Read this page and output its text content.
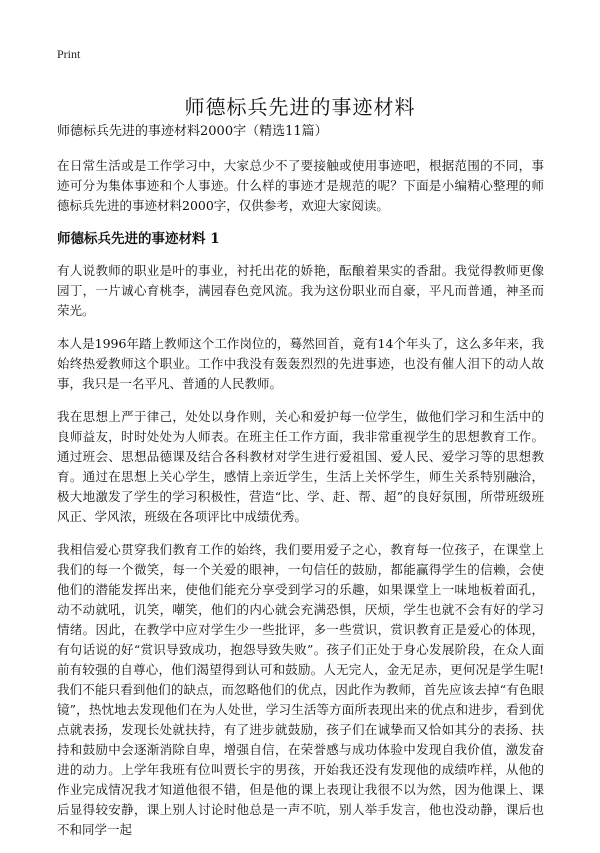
Print
师德标兵先进的事迹材料

师德标兵先进的事迹材料2000字（精选11篇）

在日常生活或是工作学习中，大家总少不了要接触或使用事迹吧，根据范围的不同，事迹可分为集体事迹和个人事迹。什么样的事迹才是规范的呢？下面是小编精心整理的师德标兵先进的事迹材料2000字，仅供参考，欢迎大家阅读。

师德标兵先进的事迹材料 1

有人说教师的职业是叶的事业，衬托出花的娇艳，酝酿着果实的香甜。我觉得教师更像园丁，一片诚心育桃李，满园春色竞风流。我为这份职业而自豪，平凡而普通，神圣而荣光。

本人是1996年踏上教师这个工作岗位的，蓦然回首，竟有14个年头了，这么多年来，我始终热爱教师这个职业。工作中我没有轰轰烈烈的先进事迹，也没有催人泪下的动人故事，我只是一名平凡、普通的人民教师。

我在思想上严于律己，处处以身作则，关心和爱护每一位学生，做他们学习和生活中的良师益友，时时处处为人师表。在班主任工作方面，我非常重视学生的思想教育工作。通过班会、思想品德课及结合各科教材对学生进行爱祖国、爱人民、爱学习等的思想教育。通过在思想上关心学生，感情上亲近学生，生活上关怀学生，师生关系特别融洽，极大地激发了学生的学习积极性，营造“比、学、赶、帮、超”的良好氛围，所带班级班风正、学风浓，班级在各项评比中成绩优秀。

我相信爱心贯穿我们教育工作的始终，我们要用爱子之心，教育每一位孩子，在课堂上我们的每一个微笑，每一个关爱的眼神，一句信任的鼓励，都能赢得学生的信赖，会使他们的潜能发挥出来，使他们能充分享受到学习的乐趣，如果课堂上一味地板着面孔，动不动就吼，讥笑，嘲笑，他们的内心就会充满恐惧，厌烦，学生也就不会有好的学习情绪。因此，在教学中应对学生少一些批评，多一些赏识，赏识教育正是爱心的体现，有句话说的好“赏识导致成功，抱怨导致失败”。孩子们正处于身心发展阶段，在众人面前有较强的自尊心，他们渴望得到认可和鼓励。人无完人，金无足赤，更何况是学生呢!我们不能只看到他们的缺点，而忽略他们的优点，因此作为教师，首先应该去掉“有色眼镜”，热忱地去发现他们在为人处世，学习生活等方面所表现出来的优点和进步，看到优点就表扬，发现长处就扶持，有了进步就鼓励，孩子们在诚挚而又恰如其分的表扬、扶持和鼓励中会逐渐消除自卑，增强自信，在荣誉感与成功体验中发现自我价值，激发奋进的动力。上学年我班有位叫贾长宇的男孩，开始我还没有发现他的成绩咋样，从他的作业完成情况我才知道他很不错，但是他的课上表现让我很不以为然，因为他课上、课后显得较安静，课上别人讨论时他总是一声不吭，别人举手发言，他也没动静，课后也不和同学一起
